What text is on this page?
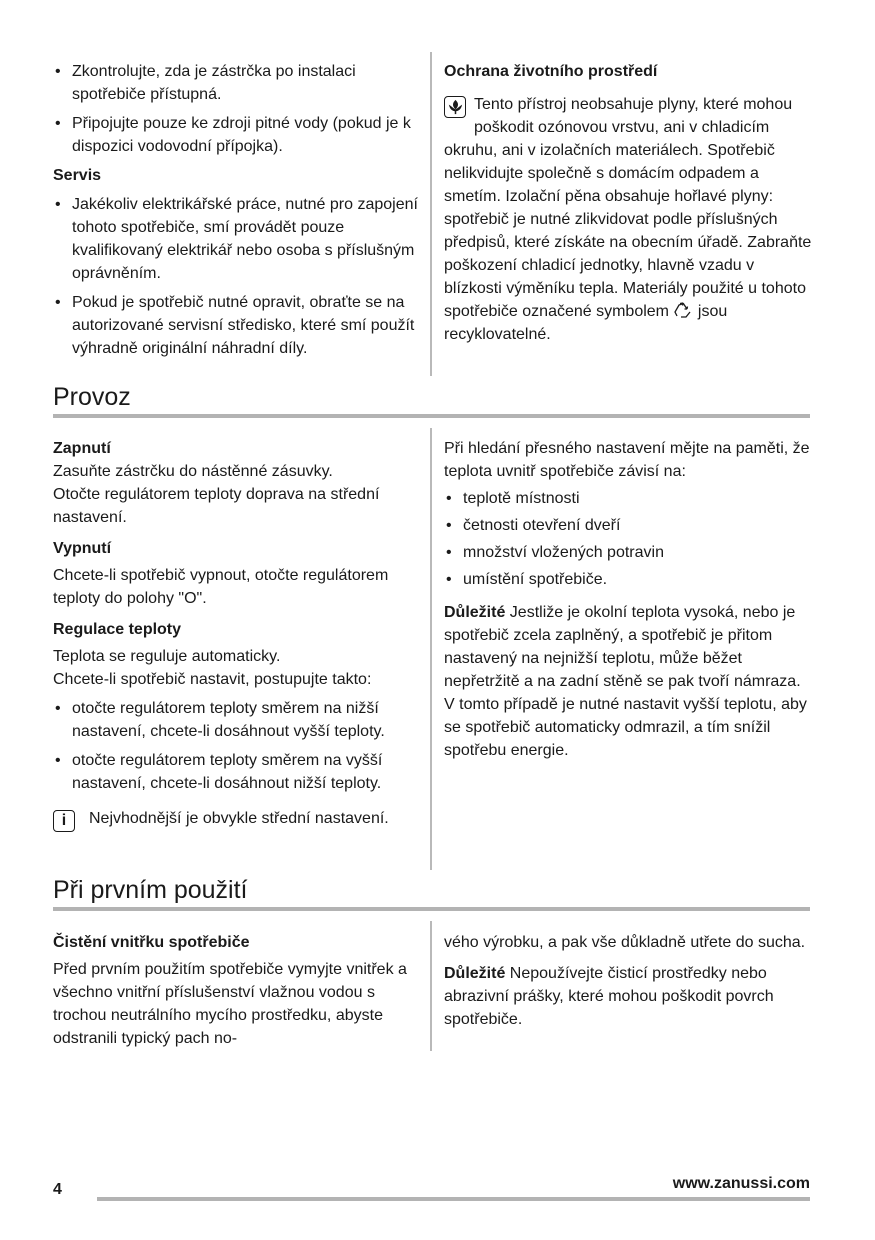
• Zkontrolujte, zda je zástrčka po instalaci spotřebiče přístupná.
• Připojujte pouze ke zdroji pitné vody (pokud je k dispozici vodovodní přípojka).
Servis
• Jakékoliv elektrikářské práce, nutné pro zapojení tohoto spotřebiče, smí provádět pouze kvalifikovaný elektrikář nebo osoba s příslušným oprávněním.
• Pokud je spotřebič nutné opravit, obraťte se na autorizované servisní středisko, které smí použít výhradně originální náhradní díly.
Ochrana životního prostředí

Tento přístroj neobsahuje plyny, které mohou poškodit ozónovou vrstvu, ani v chladicím okruhu, ani v izolačních materiálech. Spotřebič nelikvidujte společně s domácím odpadem a smetím. Izolační pěna obsahuje hořlavé plyny: spotřebič je nutné zlikvidovat podle příslušných předpisů, které získáte na obecním úřadě. Zabraňte poškození chladicí jednotky, hlavně vzadu v blízkosti výměníku tepla. Materiály použité u tohoto spotřebiče označené symbolem jsou recyklovatelné.

Provoz
Zapnutí

Zasuňte zástrčku do nástěnné zásuvky.

Otočte regulátorem teploty doprava na střední nastavení.

Vypnutí

Chcete-li spotřebič vypnout, otočte regulátorem teploty do polohy "O".

Regulace teploty

Teplota se reguluje automaticky.

Chcete-li spotřebič nastavit, postupujte takto:

• otočte regulátorem teploty směrem na nižší nastavení, chcete-li dosáhnout vyšší teploty.
• otočte regulátorem teploty směrem na vyšší nastavení, chcete-li dosáhnout nižší teploty.
i	Nejvhodnější je obvykle střední nastavení.

Při hledání přesného nastavení mějte na paměti, že teplota uvnitř spotřebiče závisí na:

• teplotě místnosti
• četnosti otevření dveří
• množství vložených potravin
• umístění spotřebiče.

Důležité Jestliže je okolní teplota vysoká, nebo je spotřebič zcela zaplněný, a spotřebič je přitom nastavený na nejnižší teplotu, může běžet nepřetržitě a na zadní stěně se pak tvoří námraza. V tomto případě je nutné nastavit vyšší teplotu, aby se spotřebič automaticky odmrazil, a tím snížil spotřebu energie.

Při prvním použití
Čistění vnitřku spotřebiče

Před prvním použitím spotřebiče vymyjte vnitřek a všechno vnitřní příslušenství vlažnou vodou s trochou neutrálního mycího prostředku, abyste odstranili typický pach no-

vého výrobku, a pak vše důkladně utřete do sucha.

Důležité Nepoužívejte čisticí prostředky nebo abrazivní prášky, které mohou poškodit povrch spotřebiče.

4	www.zanussi.com
